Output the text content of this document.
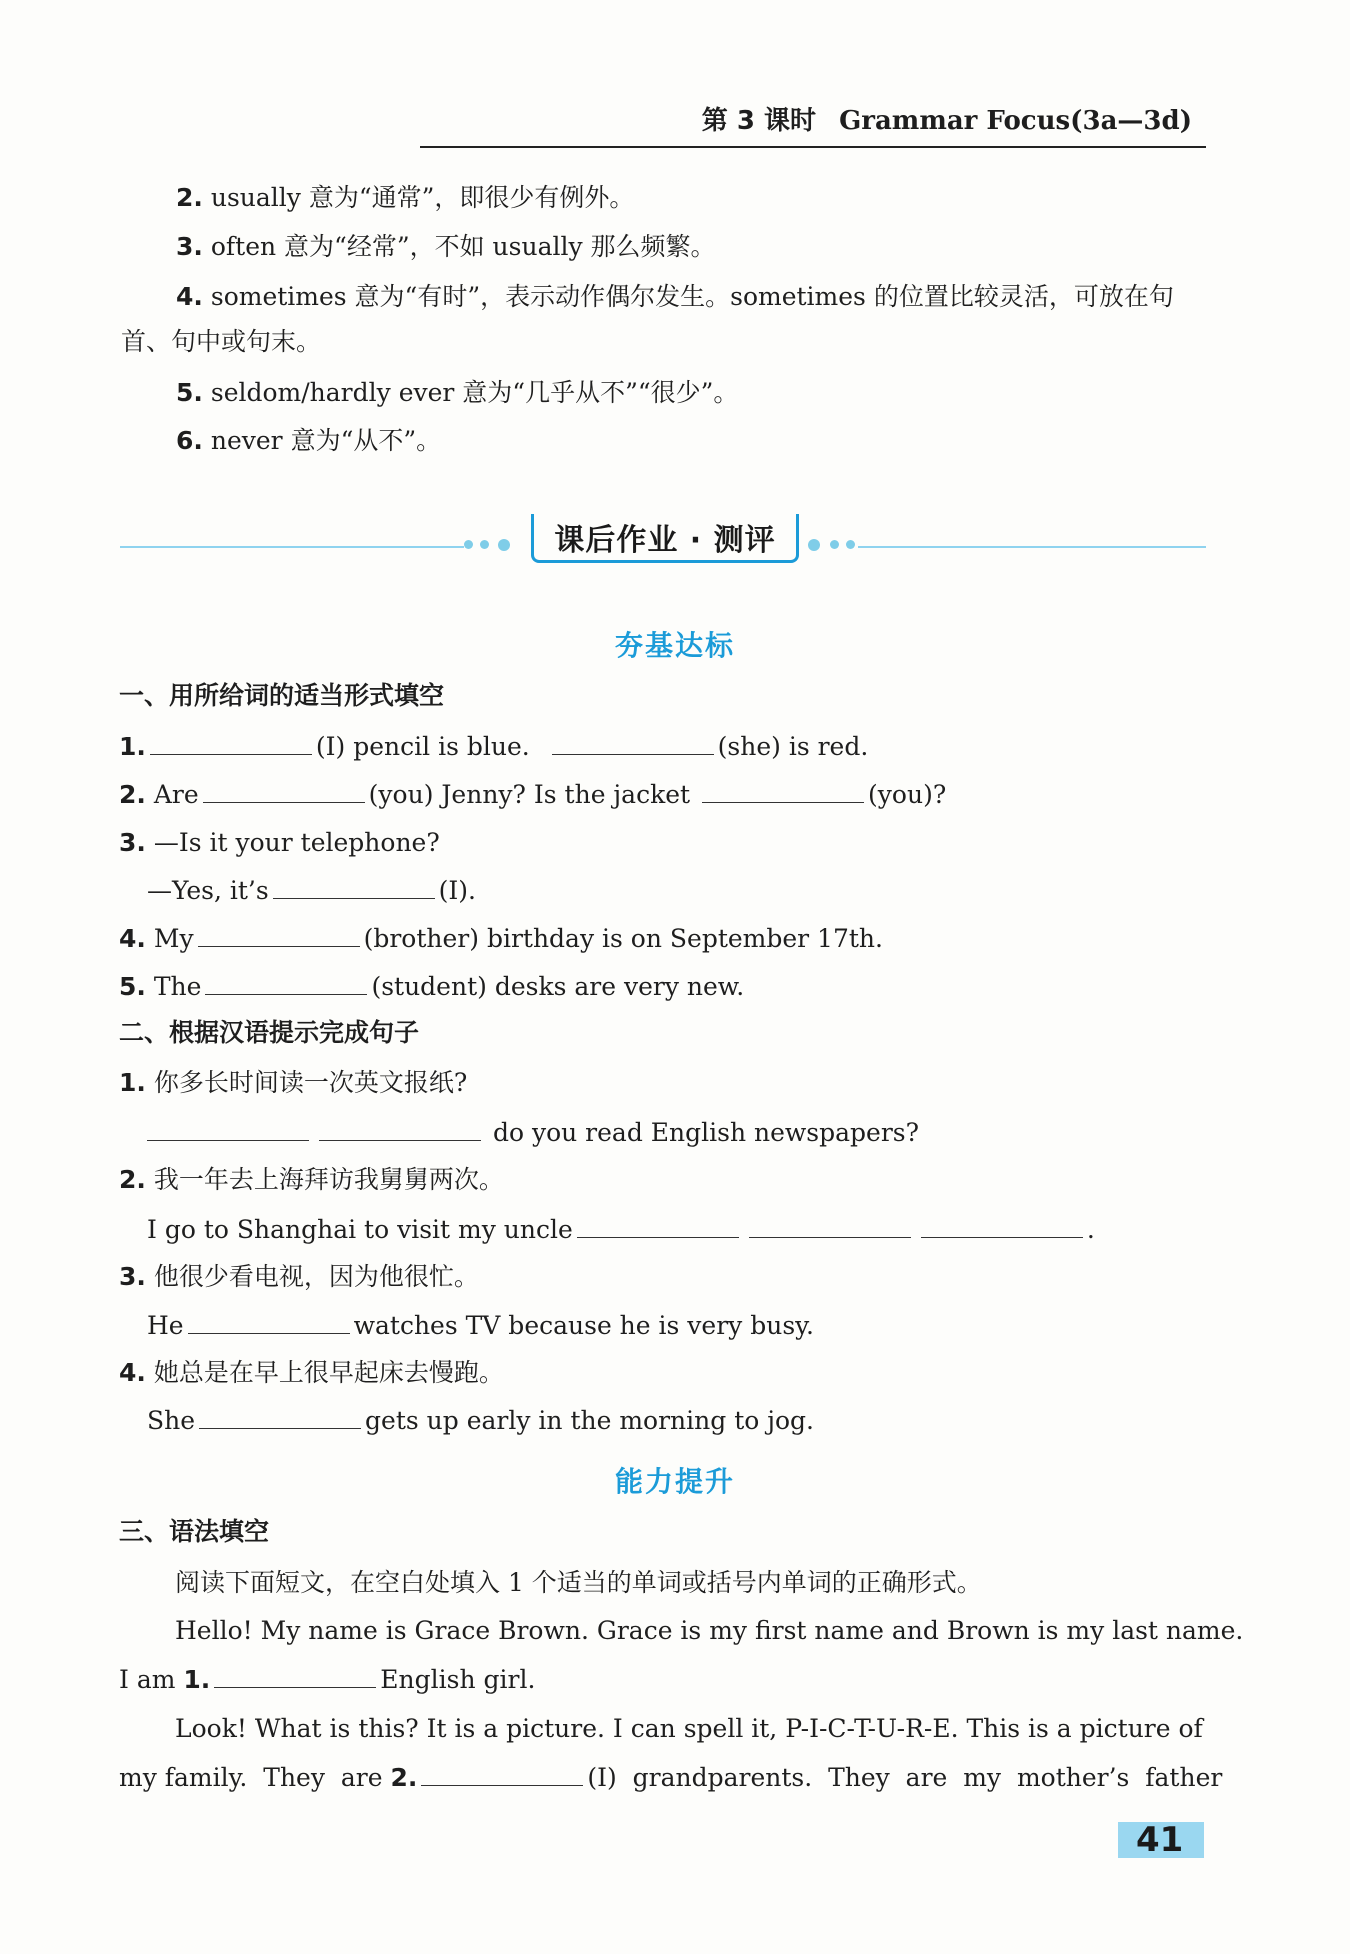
第 3 课时 Grammar Focus(3a—3d)
2. usually 意为“通常”，即很少有例外。
3. often 意为“经常”，不如 usually 那么频繁。
4. sometimes 意为“有时”，表示动作偶尔发生。sometimes 的位置比较灵活，可放在句
首、句中或句末。
5. seldom/hardly ever 意为“几乎从不”“很少”。
6. never 意为“从不”。
课后作业 · 测评
夯基达标
一、用所给词的适当形式填空
1.	(I) pencil is blue.	(she) is red.
2. Are	(you) Jenny? Is the jacket	(you)?
3. —Is it your telephone?
—Yes, it’s	(I).
4. My	(brother) birthday is on September 17th.
5. The	(student) desks are very new.
二、根据汉语提示完成句子
1. 你多长时间读一次英文报纸?
do you read English newspapers?
2. 我一年去上海拜访我舅舅两次。
I go to Shanghai to visit my uncle	.
3. 他很少看电视，因为他很忙。
He	watches TV because he is very busy.
4. 她总是在早上很早起床去慢跑。
She	gets up early in the morning to jog.
能力提升
三、语法填空
阅读下面短文，在空白处填入 1 个适当的单词或括号内单词的正确形式。
Hello! My name is Grace Brown. Grace is my first name and Brown is my last name.
I am 1.	English girl.
Look! What is this? It is a picture. I can spell it, P-I-C-T-U-R-E. This is a picture of
my family.  They  are 2.	(I)  grandparents.  They  are  my  mother’s  father
41
